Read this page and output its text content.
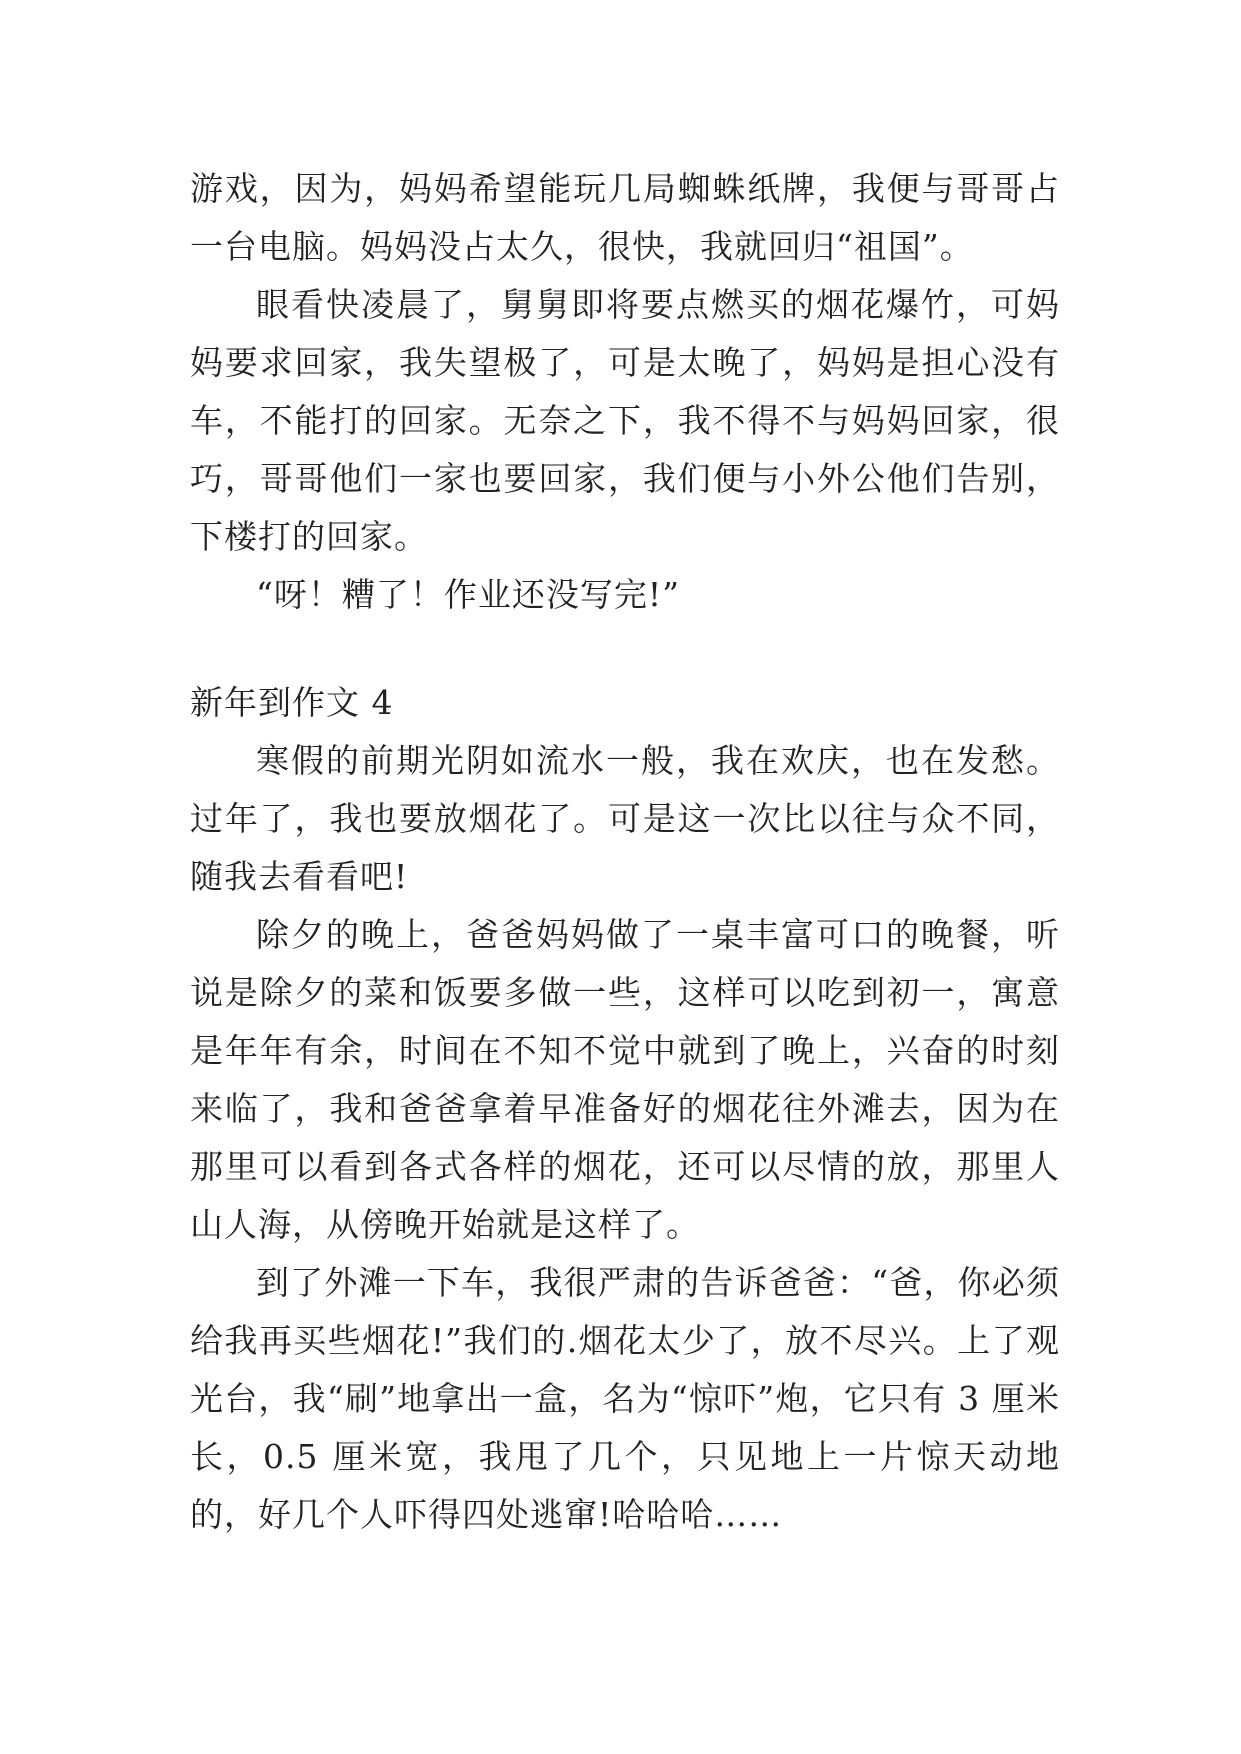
游戏，因为，妈妈希望能玩几局蜘蛛纸牌，我便与哥哥占一台电脑。妈妈没占太久，很快，我就回归“祖国”。

眼看快凌晨了，舅舅即将要点燃买的烟花爆竹，可妈妈要求回家，我失望极了，可是太晚了，妈妈是担心没有车，不能打的回家。无奈之下，我不得不与妈妈回家，很巧，哥哥他们一家也要回家，我们便与小外公他们告别，下楼打的回家。

“呀！糟了！作业还没写完!”

新年到作文 4

寒假的前期光阴如流水一般，我在欢庆，也在发愁。过年了，我也要放烟花了。可是这一次比以往与众不同，随我去看看吧!

除夕的晚上，爸爸妈妈做了一桌丰富可口的晚餐，听说是除夕的菜和饭要多做一些，这样可以吃到初一，寓意是年年有余，时间在不知不觉中就到了晚上，兴奋的时刻来临了，我和爸爸拿着早准备好的烟花往外滩去，因为在那里可以看到各式各样的烟花，还可以尽情的放，那里人山人海，从傍晚开始就是这样了。

到了外滩一下车，我很严肃的告诉爸爸：“爸，你必须给我再买些烟花!”我们的.烟花太少了，放不尽兴。上了观光台，我“刷”地拿出一盒，名为“惊吓”炮，它只有 3 厘米长，0.5 厘米宽，我甩了几个，只见地上一片惊天动地的，好几个人吓得四处逃窜!哈哈哈……
